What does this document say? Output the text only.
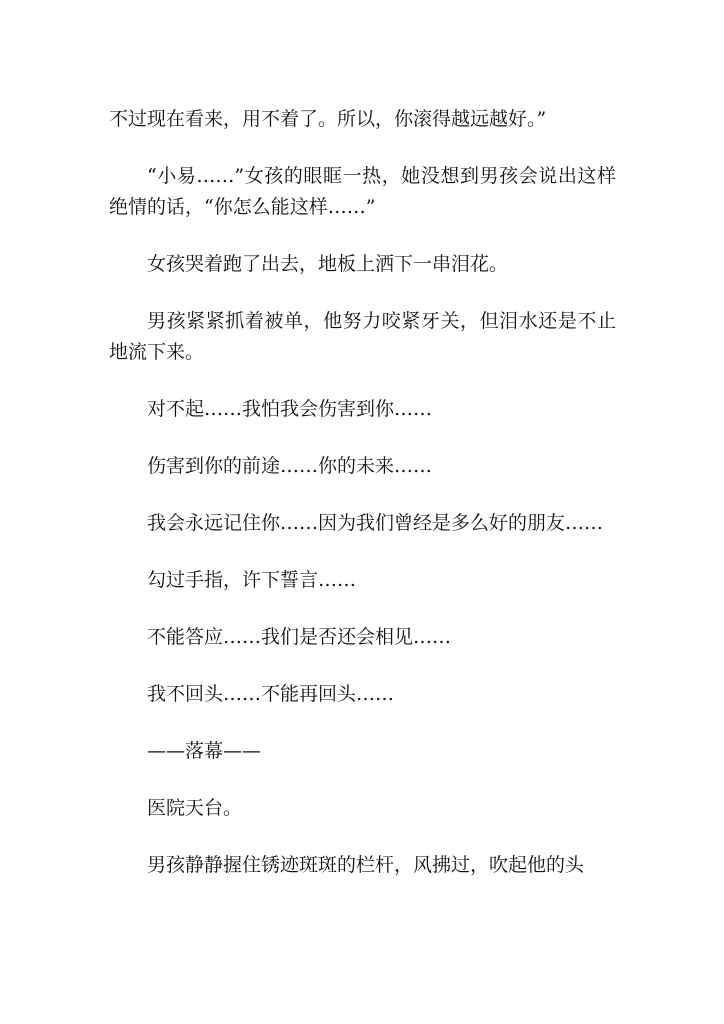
不过现在看来，用不着了。所以，你滚得越远越好。”

“小易……”女孩的眼眶一热，她没想到男孩会说出这样绝情的话，“你怎么能这样……”

女孩哭着跑了出去，地板上洒下一串泪花。

男孩紧紧抓着被单，他努力咬紧牙关，但泪水还是不止地流下来。

对不起……我怕我会伤害到你……

伤害到你的前途……你的未来……

我会永远记住你……因为我们曾经是多么好的朋友……

勾过手指，许下誓言……

不能答应……我们是否还会相见……

我不回头……不能再回头……

——落幕——

医院天台。

男孩静静握住锈迹斑斑的栏杆，风拂过，吹起他的头
